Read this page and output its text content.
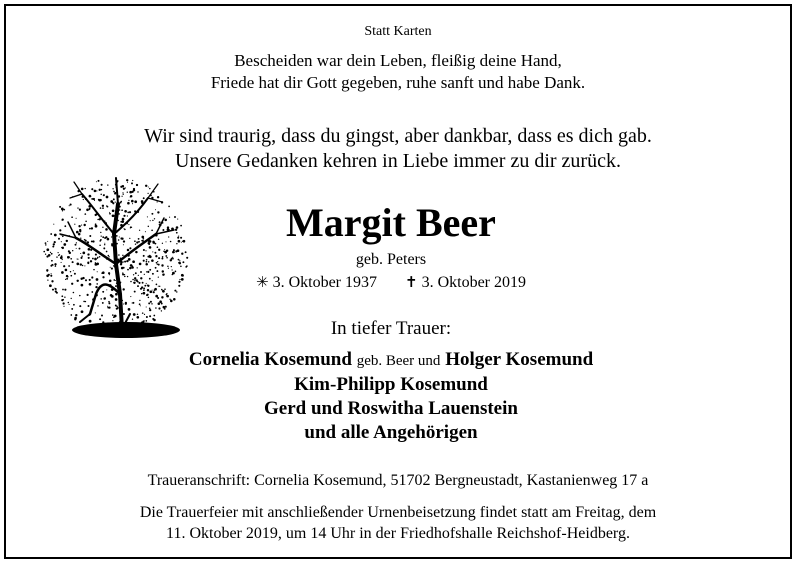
Statt Karten
Bescheiden war dein Leben, fleißig deine Hand,
Friede hat dir Gott gegeben, ruhe sanft und habe Dank.
Wir sind traurig, dass du gingst, aber dankbar, dass es dich gab.
Unsere Gedanken kehren in Liebe immer zu dir zurück.
Margit Beer
geb. Peters
✳ 3. Oktober 1937 ✝ 3. Oktober 2019
In tiefer Trauer:
Cornelia Kosemund geb. Beer und Holger Kosemund
Kim-Philipp Kosemund
Gerd und Roswitha Lauenstein
und alle Angehörigen
Traueranschrift: Cornelia Kosemund, 51702 Bergneustadt, Kastanienweg 17 a
Die Trauerfeier mit anschließender Urnenbeisetzung findet statt am Freitag, dem
11. Oktober 2019, um 14 Uhr in der Friedhofshalle Reichshof-Heidberg.
